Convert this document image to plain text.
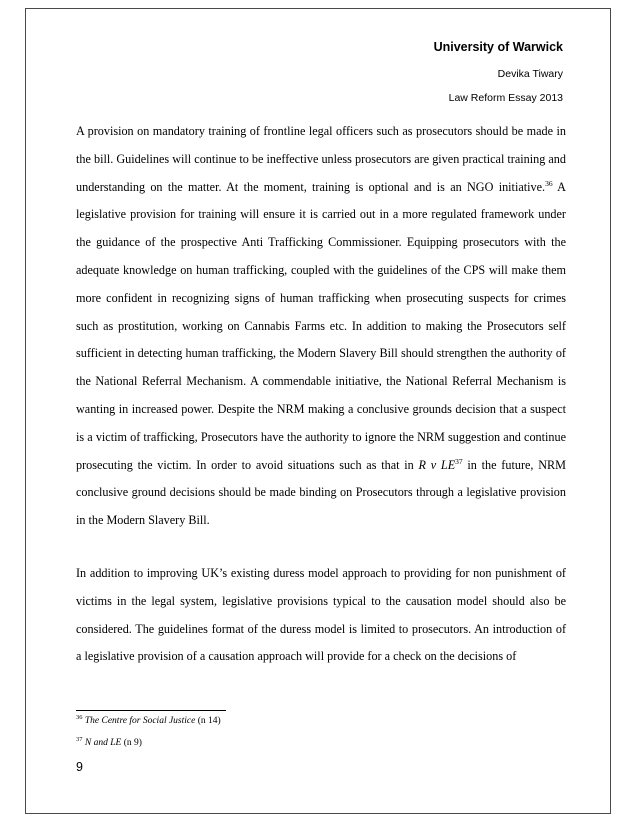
University of Warwick
Devika Tiwary
Law Reform Essay 2013

A provision on mandatory training of frontline legal officers such as prosecutors should be made in the bill. Guidelines will continue to be ineffective unless prosecutors are given practical training and understanding on the matter. At the moment, training is optional and is an NGO initiative.$^{36}$ A legislative provision for training will ensure it is carried out in a more regulated framework under the guidance of the prospective Anti Trafficking Commissioner. Equipping prosecutors with the adequate knowledge on human trafficking, coupled with the guidelines of the CPS will make them more confident in recognizing signs of human trafficking when prosecuting suspects for crimes such as prostitution, working on Cannabis Farms etc. In addition to making the Prosecutors self sufficient in detecting human trafficking, the Modern Slavery Bill should strengthen the authority of the National Referral Mechanism. A commendable initiative, the National Referral Mechanism is wanting in increased power. Despite the NRM making a conclusive grounds decision that a suspect is a victim of trafficking, Prosecutors have the authority to ignore the NRM suggestion and continue prosecuting the victim. In order to avoid situations such as that in R v LE$^{37}$ in the future, NRM conclusive ground decisions should be made binding on Prosecutors through a legislative provision in the Modern Slavery Bill.

In addition to improving UK’s existing duress model approach to providing for non punishment of victims in the legal system, legislative provisions typical to the causation model should also be considered. The guidelines format of the duress model is limited to prosecutors. An introduction of a legislative provision of a causation approach will provide for a check on the decisions of

$^{36}$ The Centre for Social Justice (n 14)
$^{37}$ N and LE (n 9)
9
